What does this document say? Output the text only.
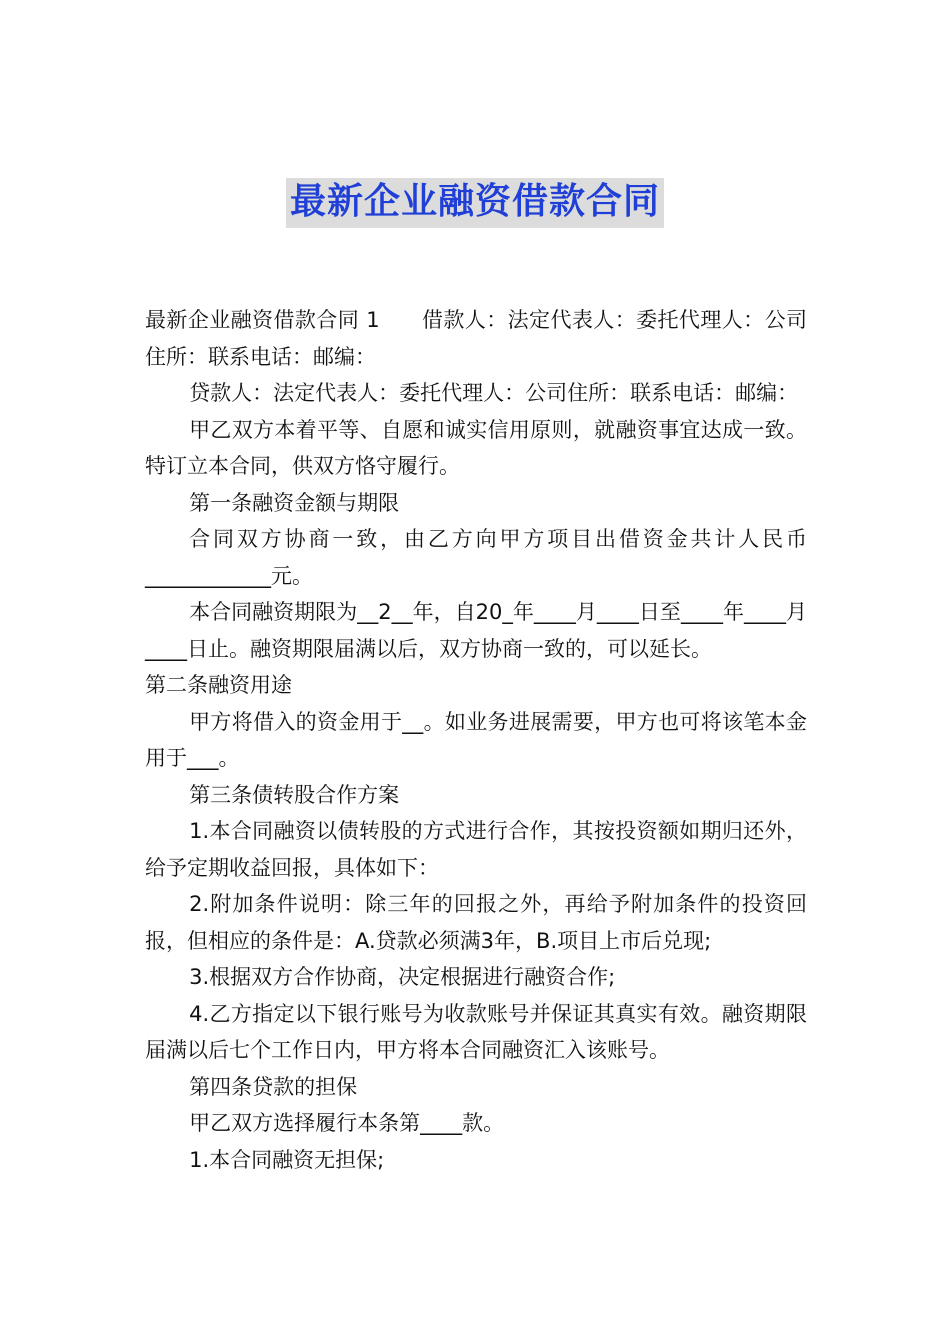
最新企业融资借款合同

最新企业融资借款合同 1 借款人：法定代表人：委托代理人：公司住所：联系电话：邮编：

贷款人：法定代表人：委托代理人：公司住所：联系电话：邮编：

甲乙双方本着平等、自愿和诚实信用原则，就融资事宜达成一致。特订立本合同，供双方恪守履行。

第一条融资金额与期限

合同双方协商一致，由乙方向甲方项目出借资金共计人民币____________元。

本合同融资期限为__2__年，自20_年____月____日至____年____月____日止。融资期限届满以后，双方协商一致的，可以延长。

第二条融资用途

甲方将借入的资金用于__。如业务进展需要，甲方也可将该笔本金用于___。

第三条债转股合作方案

1.本合同融资以债转股的方式进行合作，其按投资额如期归还外，给予定期收益回报，具体如下：

2.附加条件说明：除三年的回报之外，再给予附加条件的投资回报，但相应的条件是：A.贷款必须满3年，B.项目上市后兑现;

3.根据双方合作协商，决定根据进行融资合作;

4.乙方指定以下银行账号为收款账号并保证其真实有效。融资期限届满以后七个工作日内，甲方将本合同融资汇入该账号。

第四条贷款的担保

甲乙双方选择履行本条第____款。

1.本合同融资无担保;
